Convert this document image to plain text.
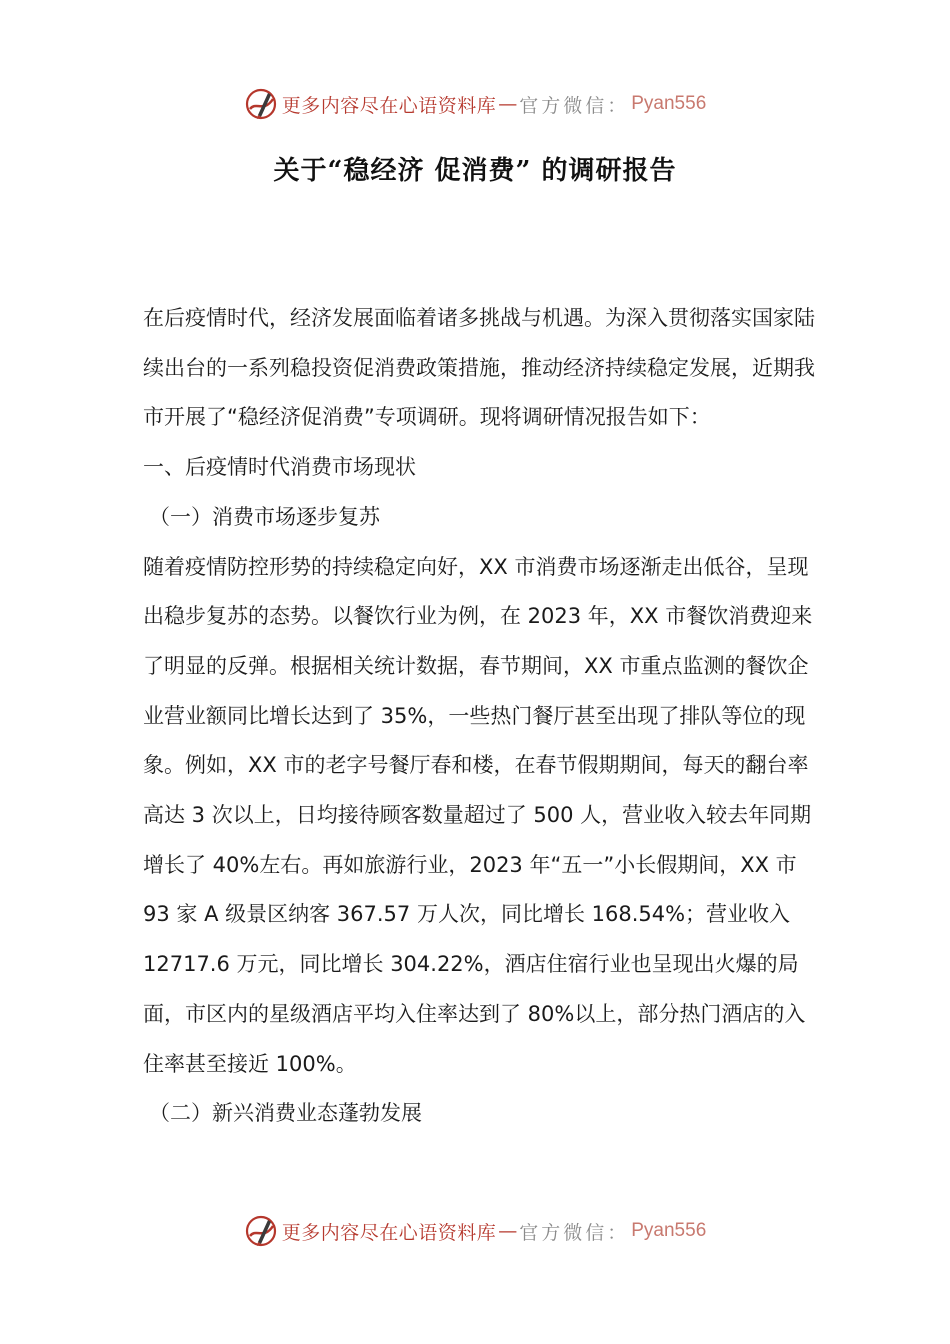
更多内容尽在心语资料库 — 官方微信： Pyan556
关于“稳经济 促消费” 的调研报告

在后疫情时代，经济发展面临着诸多挑战与机遇。为深入贯彻落实国家陆续出台的一系列稳投资促消费政策措施，推动经济持续稳定发展，近期我市开展了“稳经济促消费”专项调研。现将调研情况报告如下：

一、后疫情时代消费市场现状

（一）消费市场逐步复苏

随着疫情防控形势的持续稳定向好，XX 市消费市场逐渐走出低谷，呈现出稳步复苏的态势。以餐饮行业为例，在 2023 年，XX 市餐饮消费迎来了明显的反弹。根据相关统计数据，春节期间，XX 市重点监测的餐饮企业营业额同比增长达到了 35%，一些热门餐厅甚至出现了排队等位的现象。例如，XX 市的老字号餐厅春和楼，在春节假期期间，每天的翻台率高达 3 次以上，日均接待顾客数量超过了 500 人，营业收入较去年同期增长了 40%左右。再如旅游行业，2023 年“五一”小长假期间，XX 市 93 家 A 级景区纳客 367.57 万人次，同比增长 168.54%；营业收入 12717.6 万元，同比增长 304.22%，酒店住宿行业也呈现出火爆的局面，市区内的星级酒店平均入住率达到了 80%以上，部分热门酒店的入住率甚至接近 100%。

（二）新兴消费业态蓬勃发展

更多内容尽在心语资料库 — 官方微信： Pyan556
